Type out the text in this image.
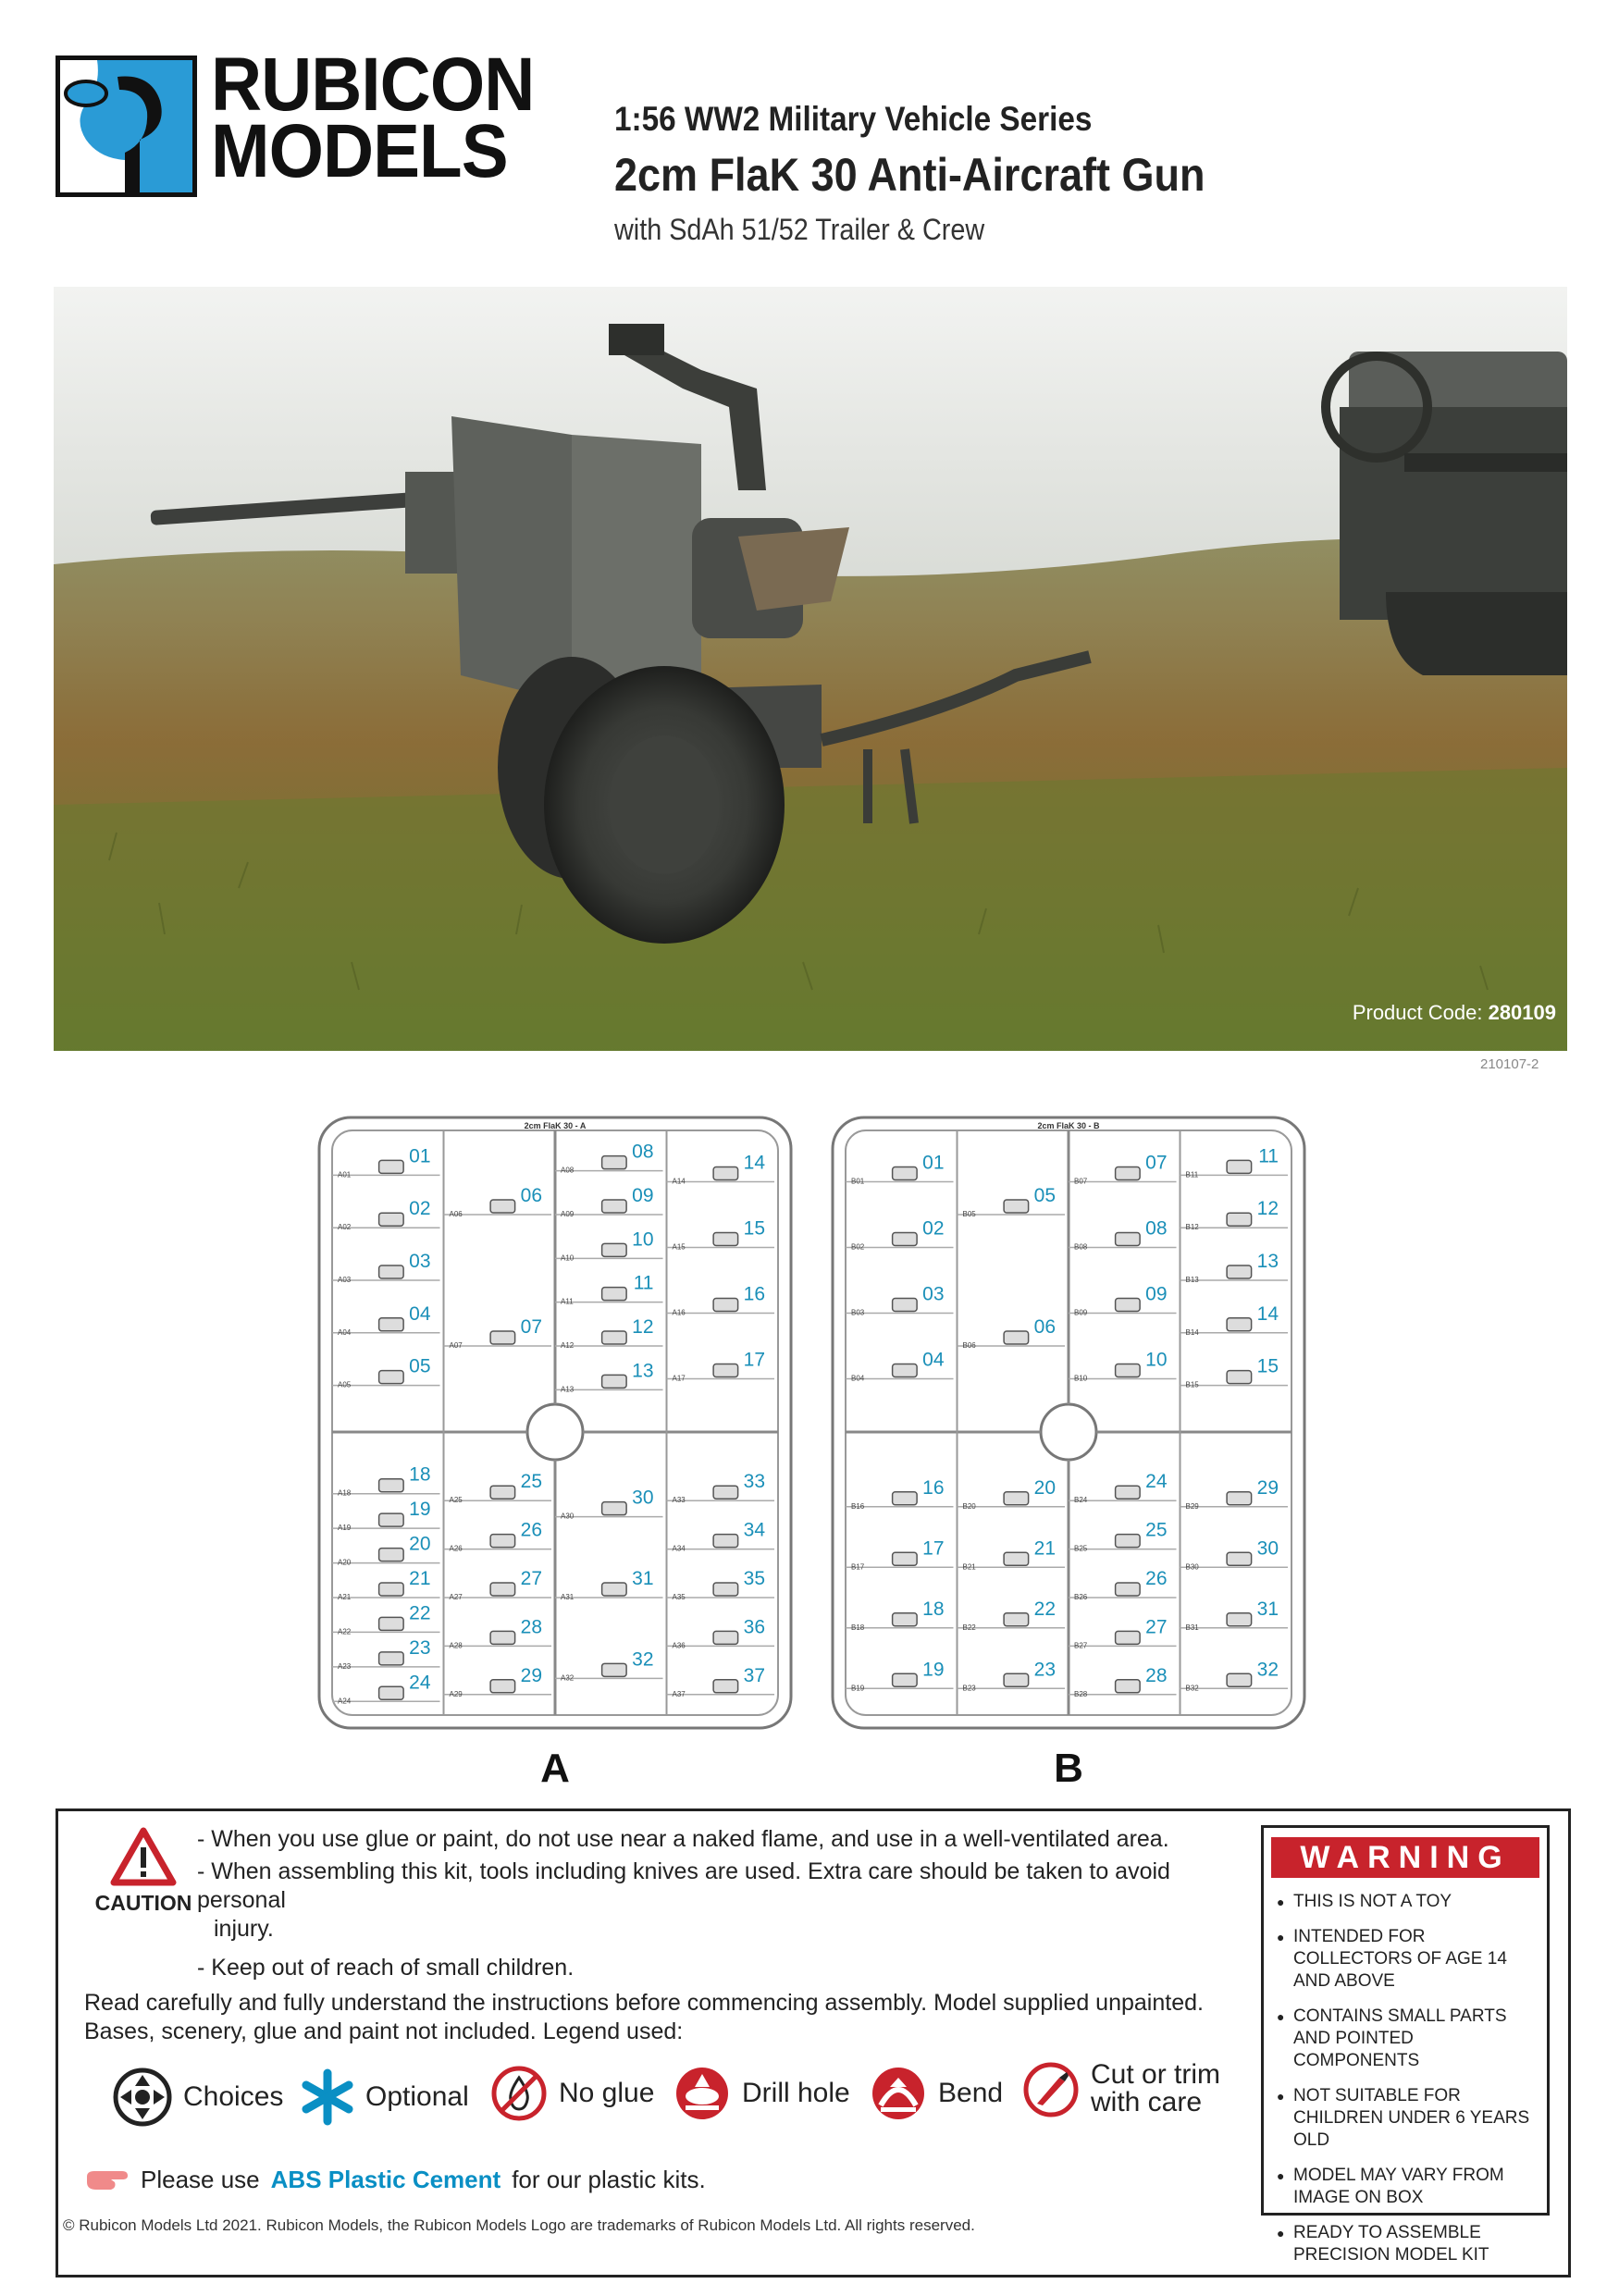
RUBICON
MODELS	1:56 WW2 Military Vehicle Series
2cm FlaK 30 Anti-Aircraft Gun
with SdAh 51/52 Trailer & Crew
Product Code: 280109
210107-2
2cm FlaK 30 - A
A01
01
A02
02
A03
03
A04
04
A05
05
A06
06
A07
07
A08
08
A09
09
A10
10
A11
11
A12
12
A13
13
A14
14
A15
15
A16
16
A17
17
A18
18
A19
19
A20
20
A21
21
A22
22
A23
23
A24
24
A25
25
A26
26
A27
27
A28
28
A29
29
A30
30
A31
31
A32
32
A33
33
A34
34
A35
35
A36
36
A37
37
A
2cm FlaK 30 - B
B01
01
B02
02
B03
03
B04
04
B05
05
B06
06
B07
07
B08
08
B09
09
B10
10
B11
11
B12
12
B13
13
B14
14
B15
15
B16
16
B17
17
B18
18
B19
19
B20
20
B21
21
B22
22
B23
23
B24
24
B25
25
B26
26
B27
27
B28
28
B29
29
B30
30
B31
31
B32
32
B
CAUTION
- When you use glue or paint, do not use near a naked flame, and use in a well-ventilated area.
- When assembling this kit, tools including knives are used. Extra care should be taken to avoid personal
injury.
- Keep out of reach of small children.
Read carefully and fully understand the instructions before commencing assembly. Model supplied unpainted.
Bases, scenery, glue and paint not included. Legend used:
Choices	Optional	No glue	Drill hole	Bend
Cut or trim
with care
Please use ABS Plastic Cement for our plastic kits.
WARNING
● THIS IS NOT A TOY
● INTENDED FOR COLLECTORS OF AGE 14 AND ABOVE
● CONTAINS SMALL PARTS AND POINTED COMPONENTS
● NOT SUITABLE FOR CHILDREN UNDER 6 YEARS OLD
● MODEL MAY VARY FROM IMAGE ON BOX
● READY TO ASSEMBLE PRECISION MODEL KIT
© Rubicon Models Ltd 2021. Rubicon Models, the Rubicon Models Logo are trademarks of Rubicon Models Ltd. All rights reserved.
